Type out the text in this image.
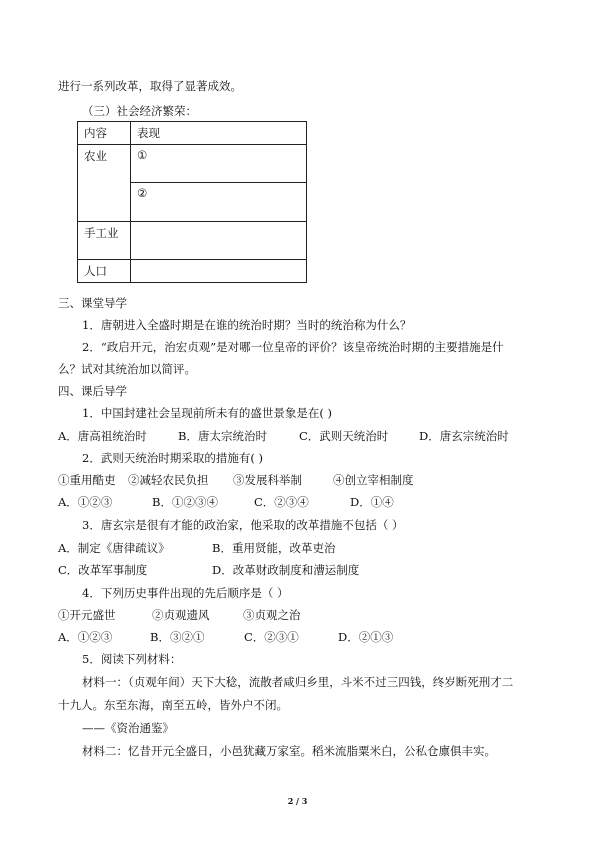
进行一系列改革，取得了显著成效。
（三）社会经济繁荣：
内容	表现
农业	①
	②
手工业	
人口	
三、课堂导学
1．唐朝进入全盛时期是在谁的统治时期？当时的统治称为什么？
2．“政启开元，治宏贞观”是对哪一位皇帝的评价？该皇帝统治时期的主要措施是什
么？试对其统治加以简评。
四、课后导学
1．中国封建社会呈现前所未有的盛世景象是在( )
A．唐高祖统治时	B．唐太宗统治时	C．武则天统治时	D．唐玄宗统治时
2．武则天统治时期采取的措施有( )
①重用酷吏 ②减轻农民负担 ③发展科举制	④创立宰相制度
A．①②③	B．①②③④	C．②③④	D．①④
3．唐玄宗是很有才能的政治家，他采取的改革措施不包括（ ）
A．制定《唐律疏议》	B．重用贤能，改革吏治
C．改革军事制度	D．改革财政制度和漕运制度
4．下列历史事件出现的先后顺序是（ ）
①开元盛世	②贞观遗风	③贞观之治
A．①②③	B．③②①	C．②③①	D．②①③
5．阅读下列材料：
材料一：（贞观年间）天下大稔，流散者咸归乡里，斗米不过三四钱，终岁断死刑才二
十九人。东至东海，南至五岭，皆外户不闭。
——《资治通鉴》
材料二：忆昔开元全盛日，小邑犹藏万家室。稻米流脂粟米白，公私仓廪俱丰实。
2 / 3
